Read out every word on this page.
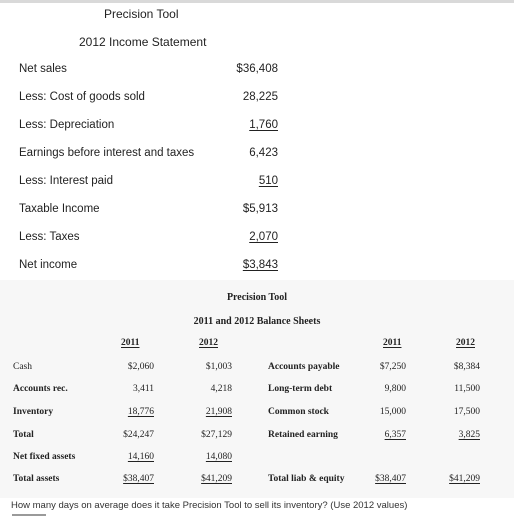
Precision Tool
2012 Income Statement
Net sales	$36,408
Less: Cost of goods sold	28,225
Less: Depreciation	1,760
Earnings before interest and taxes	6,423
Less: Interest paid	510
Taxable Income	$5,913
Less: Taxes	2,070
Net income	$3,843
Precision Tool
2011 and 2012 Balance Sheets
2011	2012	2011	2012
Cash	$2,060	$1,003	Accounts payable	$7,250	$8,384
Accounts rec.	3,411	4,218	Long-term debt	9,800	11,500
Inventory	18,776	21,908	Common stock	15,000	17,500
Total	$24,247	$27,129	Retained earning	6,357	3,825
Net fixed assets	14,160	14,080
Total assets	$38,407	$41,209	Total liab & equity	$38,407	$41,209
How many days on average does it take Precision Tool to sell its inventory? (Use 2012 values)
